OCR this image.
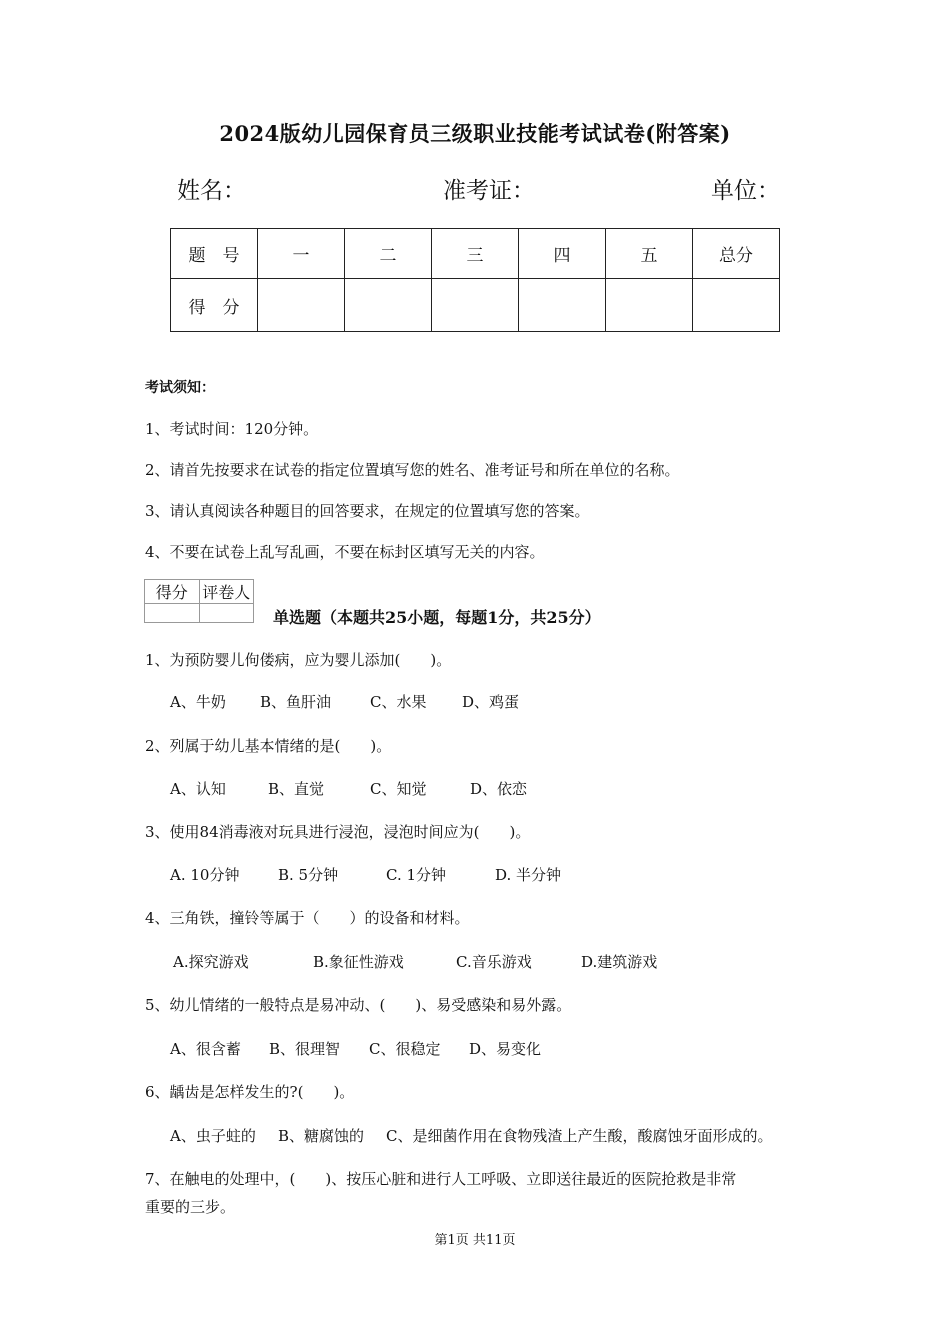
2024版幼儿园保育员三级职业技能考试试卷(附答案)
姓名：	准考证：	单位：
题　号	一	二	三	四	五	总分
得　分						
考试须知：
1、考试时间：120分钟。
2、请首先按要求在试卷的指定位置填写您的姓名、准考证号和所在单位的名称。
3、请认真阅读各种题目的回答要求，在规定的位置填写您的答案。
4、不要在试卷上乱写乱画，不要在标封区填写无关的内容。
得分	评卷人

单选题（本题共25小题，每题1分，共25分）
1、为预防婴儿佝偻病，应为婴儿添加(　　)。
A、牛奶 B、鱼肝油	C、水果 D、鸡蛋
2、列属于幼儿基本情绪的是(　　)。
A、认知	B、直觉	C、知觉	D、依恋
3、使用84消毒液对玩具进行浸泡，浸泡时间应为(　　)。
A. 10分钟	B. 5分钟	C. 1分钟	D. 半分钟
4、三角铁，撞铃等属于（　　）的设备和材料。
A.探究游戏	B.象征性游戏	C.音乐游戏	D.建筑游戏
5、幼儿情绪的一般特点是易冲动、(　　)、易受感染和易外露。
A、很含蓄 B、很理智 C、很稳定 D、易变化
6、龋齿是怎样发生的?(　　)。
A、虫子蛀的 B、糖腐蚀的 C、是细菌作用在食物残渣上产生酸，酸腐蚀牙面形成的。
7、在触电的处理中，(　　)、按压心脏和进行人工呼吸、立即送往最近的医院抢救是非常
重要的三步。
第1页 共11页
